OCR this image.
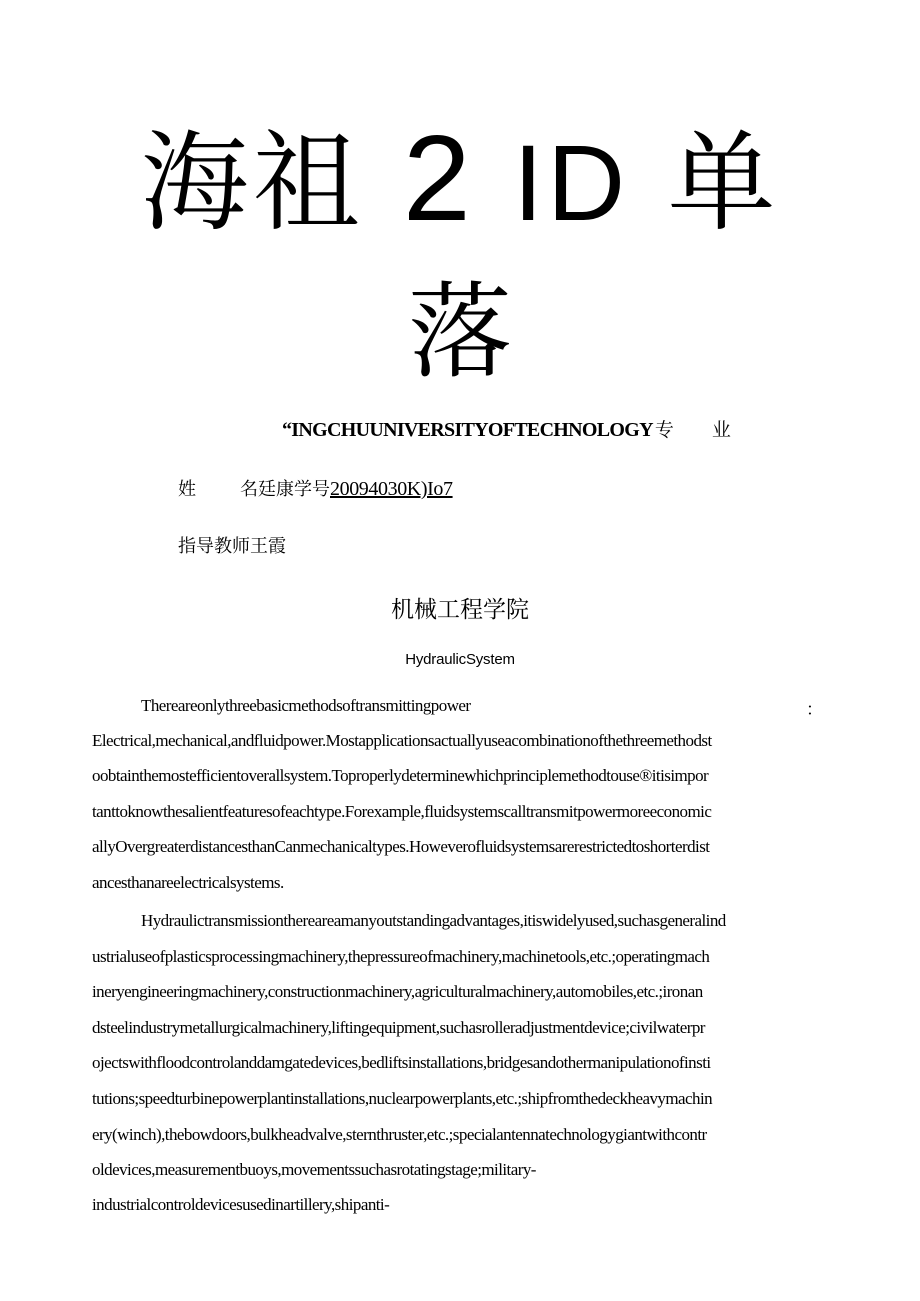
海祖 2 ID 单
落
“INGCHUUNIVERSITYOFTECHNOLOGY 专 业
姓 名廷康学号20094030K)Io7
指导教师王霞
机械工程学院
HydraulicSystem
：
Thereareonlythreebasicmethodsoftransmittingpower
Electrical,mechanical,andfluidpower.Mostapplicationsactuallyuseacombinationofthethreemethodst
oobtainthemostefficientoverallsystem.Toproperlydeterminewhichprinciplemethodtouse®itisimpor
tanttoknowthesalientfeaturesofeachtype.Forexample,fluidsystemscalltransmitpowermoreeconomic
allyOvergreaterdistancesthanCanmechanicaltypes.Howeverofluidsystemsarerestrictedtoshorterdist
ancesthanareelectricalsystems.
Hydraulictransmissionthereareamanyoutstandingadvantages,itiswidelyused,suchasgeneralind
ustrialuseofplasticsprocessingmachinery,thepressureofmachinery,machinetools,etc.;operatingmach
ineryengineeringmachinery,constructionmachinery,agriculturalmachinery,automobiles,etc.;ironan
dsteelindustrymetallurgicalmachinery,liftingequipment,suchasrolleradjustmentdevice;civilwaterpr
ojectswithfloodcontrolanddamgatedevices,bedliftsinstallations,bridgesandothermanipulationofinsti
tutions;speedturbinepowerplantinstallations,nuclearpowerplants,etc.;shipfromthedeckheavymachin
ery(winch),thebowdoors,bulkheadvalve,sternthruster,etc.;specialantennatechnologygiantwithcontr
oldevices,measurementbuoys,movementssuchasrotatingstage;military-
industrialcontroldevicesusedinartillery,shipanti-
